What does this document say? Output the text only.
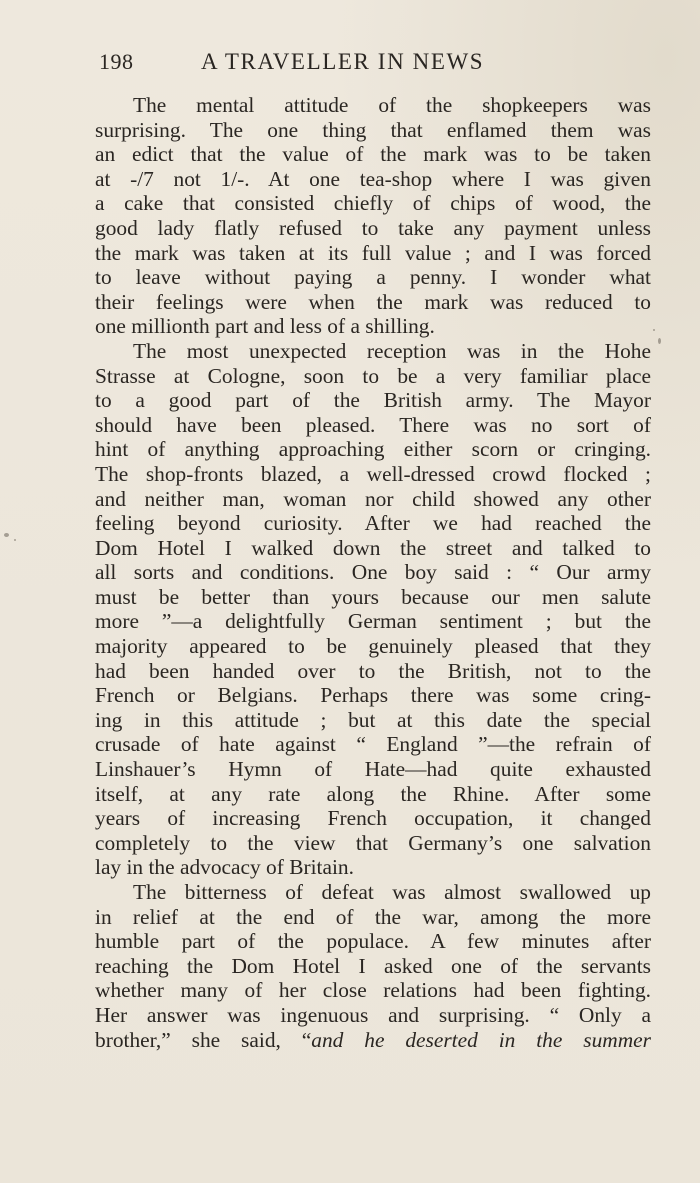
198	A TRAVELLER IN NEWS
The mental attitude of the shopkeepers was
surprising. The one thing that enflamed them was
an edict that the value of the mark was to be taken
at -/7 not 1/-. At one tea-shop where I was given
a cake that consisted chiefly of chips of wood, the
good lady flatly refused to take any payment unless
the mark was taken at its full value ; and I was forced
to leave without paying a penny. I wonder what
their feelings were when the mark was reduced to
one millionth part and less of a shilling.
The most unexpected reception was in the Hohe
Strasse at Cologne, soon to be a very familiar place
to a good part of the British army. The Mayor
should have been pleased. There was no sort of
hint of anything approaching either scorn or cringing.
The shop-fronts blazed, a well-dressed crowd flocked ;
and neither man, woman nor child showed any other
feeling beyond curiosity. After we had reached the
Dom Hotel I walked down the street and talked to
all sorts and conditions. One boy said : “ Our army
must be better than yours because our men salute
more ”—a delightfully German sentiment ; but the
majority appeared to be genuinely pleased that they
had been handed over to the British, not to the
French or Belgians. Perhaps there was some cring-
ing in this attitude ; but at this date the special
crusade of hate against “ England ”—the refrain of
Linshauer’s Hymn of Hate—had quite exhausted
itself, at any rate along the Rhine. After some
years of increasing French occupation, it changed
completely to the view that Germany’s one salvation
lay in the advocacy of Britain.
The bitterness of defeat was almost swallowed up
in relief at the end of the war, among the more
humble part of the populace. A few minutes after
reaching the Dom Hotel I asked one of the servants
whether many of her close relations had been fighting.
Her answer was ingenuous and surprising. “ Only a
brother,” she said, “and he deserted in the summer
